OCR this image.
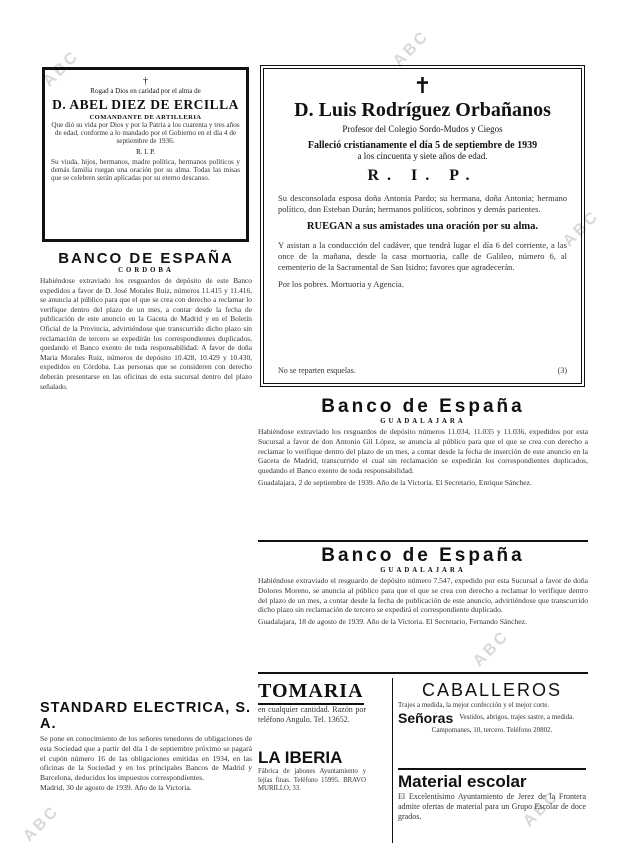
ABC	ABC
ABC	ABC
ABC
ABC
†
Rogad a Dios en caridad por el alma de
D. ABEL DIEZ DE ERCILLA
COMANDANTE DE ARTILLERIA
Que dió su vida por Dios y por la Patria a los cuarenta y tres años de edad, conforme a lo mandado por el Gobierno en el día 4 de septiembre de 1936.
R. I. P.
Su viuda, hijos, hermanos, madre política, hermanos políticos y demás familia ruegan una oración por su alma. Todas las misas que se celebren serán aplicadas por su eterno descanso.
BANCO DE ESPAÑA
CORDOBA
Habiéndose extraviado los resguardos de depósito de este Banco expedidos a favor de D. José Morales Ruiz, números 11.415 y 11.416, se anuncia al público para que el que se crea con derecho a reclamar lo verifique dentro del plazo de un mes, a contar desde la fecha de publicación de este anuncio en la Gaceta de Madrid y en el Boletín Oficial de la Provincia, advirtiéndose que transcurrido dicho plazo sin reclamación de tercero se expedirán los correspondientes duplicados, quedando el Banco exento de toda responsabilidad. A favor de doña María Morales Ruiz, números de depósito 10.428, 10.429 y 10.430, expedidos en Córdoba. Las personas que se consideren con derecho deberán presentarse en las oficinas de esta sucursal dentro del plazo señalado.
✝
D. Luis Rodríguez Orbañanos
Profesor del Colegio Sordo-Mudos y Ciegos
Falleció cristianamente el día 5 de septiembre de 1939
a los cincuenta y siete años de edad.
R. I. P.
Su desconsolada esposa doña Antonia Pardo; su hermana, doña Antonia; hermano político, don Esteban Durán; hermanos políticos, sobrinos y demás parientes.
RUEGAN a sus amistades una oración por su alma.
Y asistan a la conducción del cadáver, que tendrá lugar el día 6 del corriente, a las once de la mañana, desde la casa mortuoria, calle de Galileo, número 6, al cementerio de la Sacramental de San Isidro; favores que agradecerán.
Por los pobres. Mortuoria y Agencia.
No se reparten esquelas.	(3)
Banco de España
GUADALAJARA
Habiéndose extraviado los resguardos de depósito números 11.034, 11.035 y 11.036, expedidos por esta Sucursal a favor de don Antonio Gil López, se anuncia al público para que el que se crea con derecho a reclamar lo verifique dentro del plazo de un mes, a contar desde la fecha de inserción de este anuncio en la Gaceta de Madrid, transcurrido el cual sin reclamación se expedirán los correspondientes duplicados, quedando el Banco exento de toda responsabilidad.
Guadalajara, 2 de septiembre de 1939. Año de la Victoria. El Secretario, Enrique Sánchez.
Banco de España
GUADALAJARA
Habiéndose extraviado el resguardo de depósito número 7.547, expedido por esta Sucursal a favor de doña Dolores Moreno, se anuncia al público para que el que se crea con derecho a reclamar lo verifique dentro del plazo de un mes, a contar desde la fecha de publicación de este anuncio, advirtiéndose que transcurrido dicho plazo sin reclamación de tercero se expedirá el correspondiente duplicado.
Guadalajara, 18 de agosto de 1939. Año de la Victoria. El Secretario, Fernando Sánchez.
STANDARD ELECTRICA, S. A.
Se pone en conocimiento de los señores tenedores de obligaciones de esta Sociedad que a partir del día 1 de septiembre próximo se pagará el cupón número 16 de las obligaciones emitidas en 1934, en las oficinas de la Sociedad y en los principales Bancos de Madrid y Barcelona, deducidos los impuestos correspondientes.
Madrid, 30 de agosto de 1939. Año de la Victoria.
TOMARIA
en cualquier cantidad. Razón por teléfono Angulo. Tel. 13652.
LA IBERIA
Fábrica de jabones Ayuntamiento y lejías finas. Teléfono 15995. BRAVO MURILLO, 33.
CABALLEROS
Trajes a medida, la mejor confección y el mejor corte.
Señoras Vestidos, abrigos, trajes sastre, a medida.
Campomanes, 10, tercero. Teléfono 20802.
Material escolar
El Excelentísimo Ayuntamiento de Jerez de la Frontera admite ofertas de material para un Grupo Escolar de doce grados.
